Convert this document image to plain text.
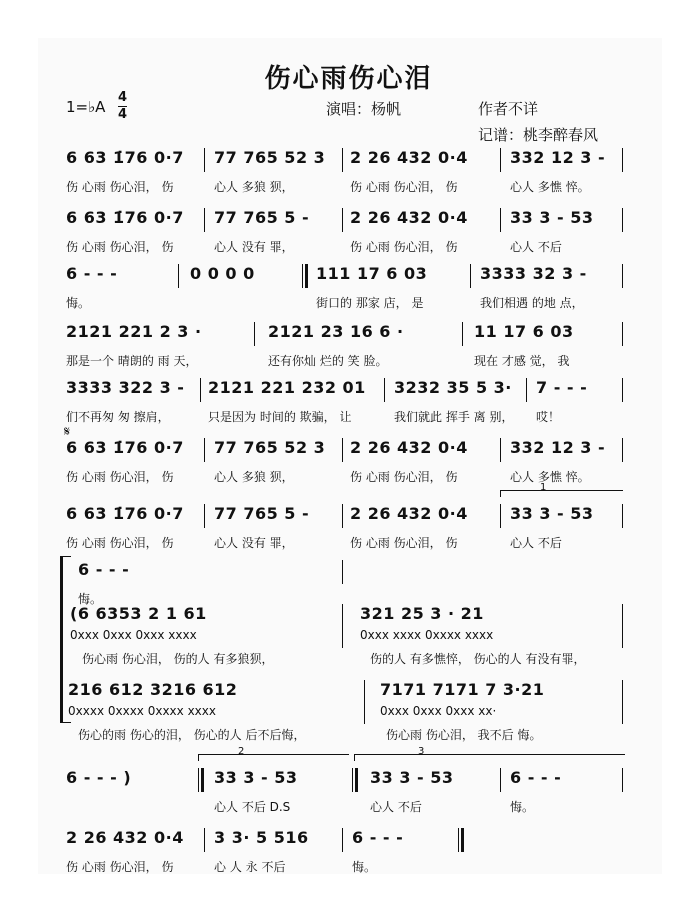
伤心雨伤心泪
1=♭A
4
4	演唱：杨帆	作者不详
记谱：桃李醉春风
6 63 1̇76 0·7
伤 心雨 伤心泪， 伤
77 765 52 3
心人 多狼 狈，
2 26 432 0·4
伤 心雨 伤心泪， 伤
332 12 3 -
心人 多憔 悴。
6 63 1̇76 0·7
伤 心雨 伤心泪， 伤
77 765 5 -
心人 没有 罪，
2 26 432 0·4
伤 心雨 伤心泪， 伤
33 3 - 53
心人 不后
6 - - -
悔。
0 0 0 0	111 17 6 03
街口的 那家 店， 是
3333 32 3 -
我们相遇 的地 点，
2121 221 2 3 ·
那是一个 晴朗的 雨 天，
2121 23 16 6 ·
还有你灿 烂的 笑 脸。
11 17 6 03
现在 才感 觉， 我
3333 322 3 -
们不再匆 匆 擦肩，
2121 221 232 01
只是因为 时间的 欺骗， 让
3232 35 5 3·
我们就此 挥手 离 别，
7 - - -
哎！
𝄋
6 63 1̇76 0·7
伤 心雨 伤心泪， 伤
77 765 52 3
心人 多狼 狈，
2 26 432 0·4
伤 心雨 伤心泪， 伤
332 12 3 -
心人 多憔 悴。
1
6 63 1̇76 0·7
伤 心雨 伤心泪， 伤
77 765 5 -
心人 没有 罪，
2 26 432 0·4
伤 心雨 伤心泪， 伤
33 3 - 53
心人 不后
6 - - -
悔。
(6 6353 2 1 61
0xxx 0xxx 0xxx xxxx
321 25 3 · 21
0xxx xxxx 0xxxx xxxx
伤心雨 伤心泪， 伤的人 有多狼狈，	伤的人 有多憔悴， 伤心的人 有没有罪，
216 612 3216 612
0xxxx 0xxxx 0xxxx xxxx
7171 7171 7 3·21
0xxx 0xxx 0xxx xx·
伤心的雨 伤心的泪， 伤心的人 后不后悔，	伤心雨 伤心泪， 我不后 悔。
2	3
6 - - - )	33 3 - 53
心人 不后 D.S
33 3 - 53
心人 不后
6 - - -
悔。
2 26 432 0·4
伤 心雨 伤心泪， 伤
3 3· 5 516
心 人 永 不后
6 - - -
悔。
